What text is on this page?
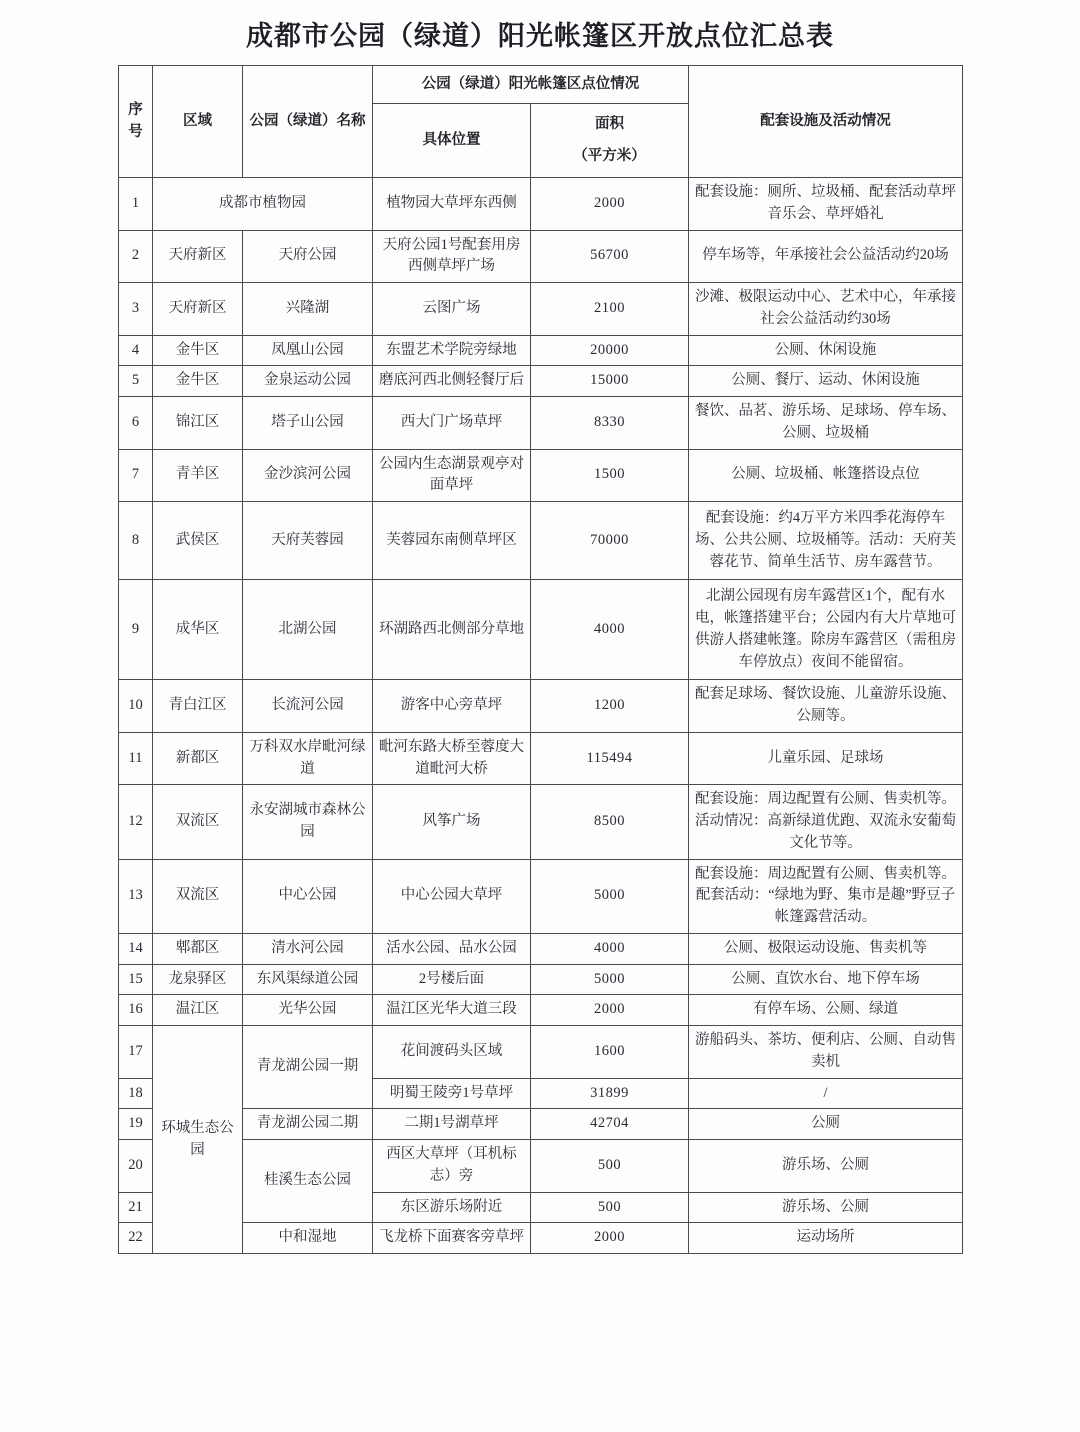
成都市公园（绿道）阳光帐篷区开放点位汇总表
序号	区域	公园（绿道）名称	公园（绿道）阳光帐篷区点位情况		配套设施及活动情况
			具体位置	面积
（平方米）	

1	成都市植物园		植物园大草坪东西侧	2000	配套设施：厕所、垃圾桶、配套活动草坪音乐会、草坪婚礼
2	天府新区	天府公园	天府公园1号配套用房西侧草坪广场	56700	停车场等，年承接社会公益活动约20场
3	天府新区	兴隆湖	云图广场	2100	沙滩、极限运动中心、艺术中心，年承接社会公益活动约30场
4	金牛区	凤凰山公园	东盟艺术学院旁绿地	20000	公厕、休闲设施
5	金牛区	金泉运动公园	磨底河西北侧轻餐厅后	15000	公厕、餐厅、运动、休闲设施
6	锦江区	塔子山公园	西大门广场草坪	8330	餐饮、品茗、游乐场、足球场、停车场、公厕、垃圾桶
7	青羊区	金沙滨河公园	公园内生态湖景观亭对面草坪	1500	公厕、垃圾桶、帐篷搭设点位
8	武侯区	天府芙蓉园	芙蓉园东南侧草坪区	70000	配套设施：约4万平方米四季花海停车场、公共公厕、垃圾桶等。活动：天府芙蓉花节、简单生活节、房车露营节。
9	成华区	北湖公园	环湖路西北侧部分草地	4000	北湖公园现有房车露营区1个，配有水电，帐篷搭建平台；公园内有大片草地可供游人搭建帐篷。除房车露营区（需租房车停放点）夜间不能留宿。
10	青白江区	长流河公园	游客中心旁草坪	1200	配套足球场、餐饮设施、儿童游乐设施、公厕等。
11	新都区	万科双水岸毗河绿道	毗河东路大桥至蓉度大道毗河大桥	115494	儿童乐园、足球场
12	双流区	永安湖城市森林公园	风筝广场	8500	配套设施：周边配置有公厕、售卖机等。活动情况：高新绿道优跑、双流永安葡萄文化节等。
13	双流区	中心公园	中心公园大草坪	5000	配套设施：周边配置有公厕、售卖机等。配套活动：“绿地为野、集市是趣”野豆子帐篷露营活动。
14	郫都区	清水河公园	活水公园、品水公园	4000	公厕、极限运动设施、售卖机等
15	龙泉驿区	东风渠绿道公园	2号楼后面	5000	公厕、直饮水台、地下停车场
16	温江区	光华公园	温江区光华大道三段	2000	有停车场、公厕、绿道
17	环城生态公园	青龙湖公园一期	花间渡码头区域	1600	游船码头、茶坊、便利店、公厕、自动售卖机
18			明蜀王陵旁1号草坪	31899	/
19		青龙湖公园二期	二期1号湖草坪	42704	公厕
20		桂溪生态公园	西区大草坪（耳机标志）旁	500	游乐场、公厕
21			东区游乐场附近	500	游乐场、公厕
22		中和湿地	飞龙桥下面赛客旁草坪	2000	运动场所
